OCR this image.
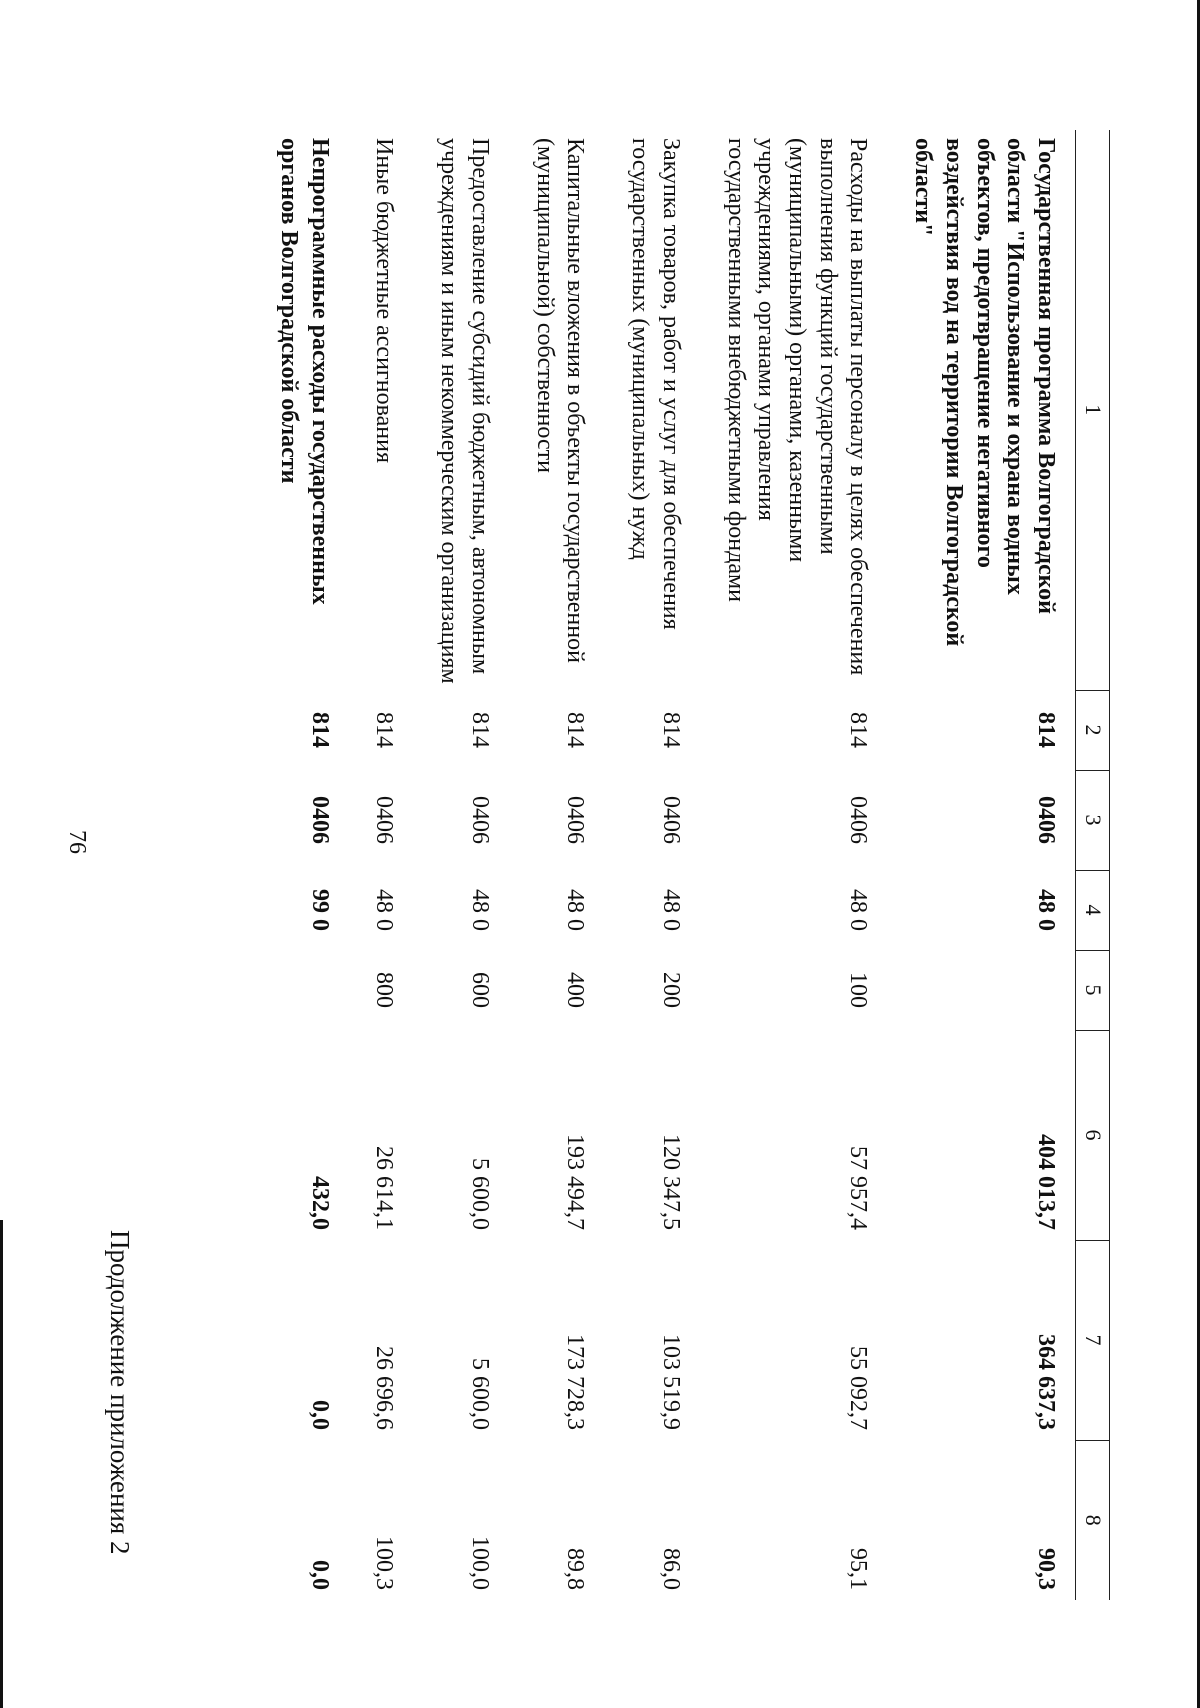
Продолжение приложения 2
76
1	2	3	4	5	6	7	8
Государственная программа Волгоградской области "Использование и охрана водных объектов, предотвращение негативного воздействия вод на территории Волгоградской области"	814	0406	48 0		404 013,7	364 637,3	90,3
Расходы на выплаты персоналу в целях обеспечения выполнения функций государственными (муниципальными) органами, казенными учреждениями, органами управления государственными внебюджетными фондами	814	0406	48 0	100	57 957,4	55 092,7	95,1
Закупка товаров, работ и услуг для обеспечения государственных (муниципальных) нужд	814	0406	48 0	200	120 347,5	103 519,9	86,0
Капитальные вложения в объекты государственной (муниципальной) собственности	814	0406	48 0	400	193 494,7	173 728,3	89,8
Предоставление субсидий бюджетным, автономным учреждениям и иным некоммерческим организациям	814	0406	48 0	600	5 600,0	5 600,0	100,0
Иные бюджетные ассигнования	814	0406	48 0	800	26 614,1	26 696,6	100,3
Непрограммные расходы государственных органов Волгоградской области	814	0406	99 0		432,0	0,0	0,0
